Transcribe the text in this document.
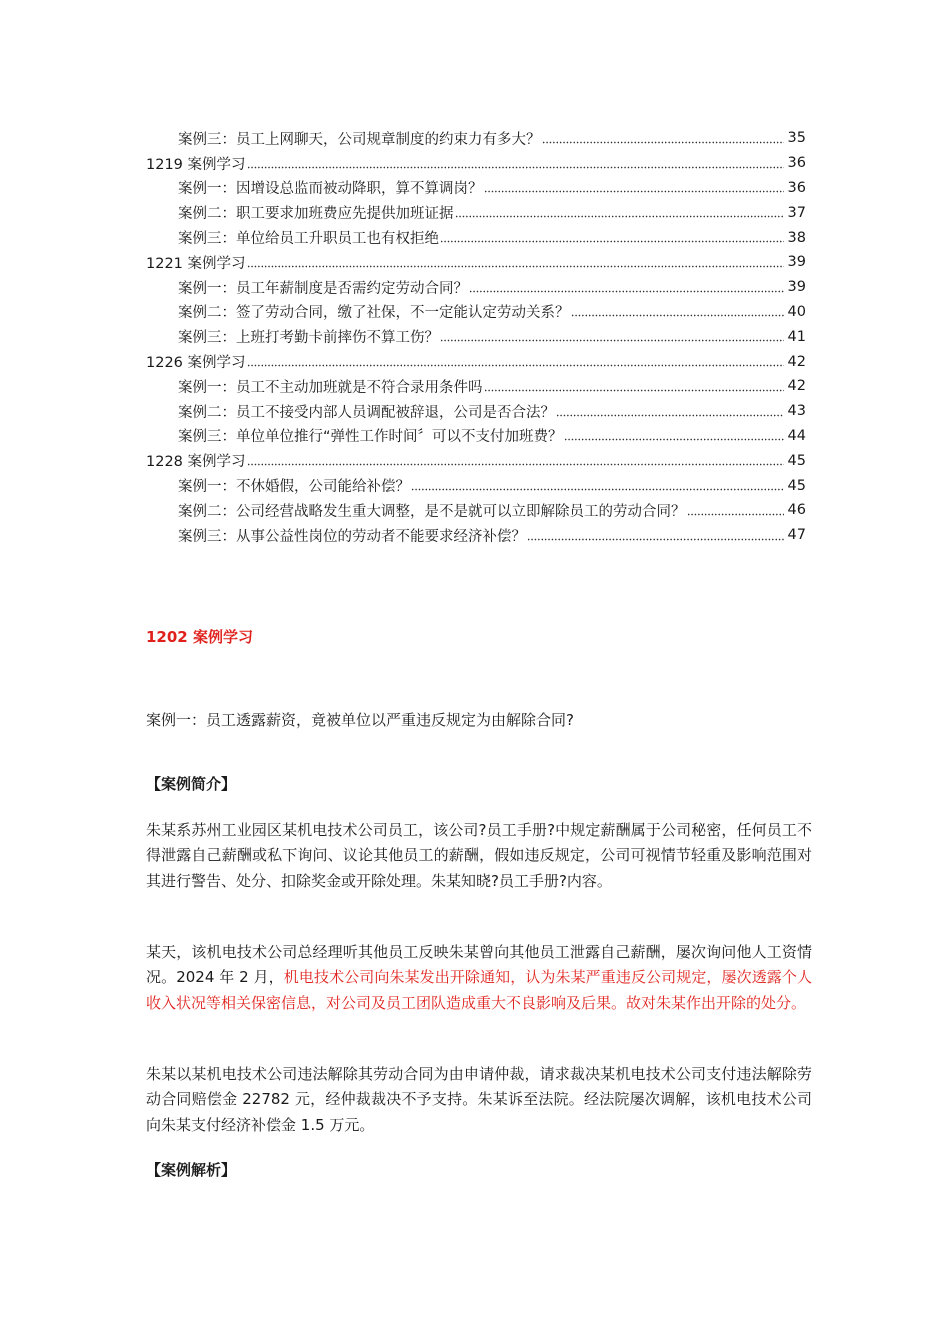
案例三：员工上网聊天，公司规章制度的约束力有多大？	35
1219 案例学习	36
案例一：因增设总监而被动降职，算不算调岗？	36
案例二：职工要求加班费应先提供加班证据	37
案例三：单位给员工升职员工也有权拒绝	38
1221 案例学习	39
案例一：员工年薪制度是否需约定劳动合同？	39
案例二：签了劳动合同，缴了社保，不一定能认定劳动关系？	40
案例三：上班打考勤卡前摔伤不算工伤？	41
1226 案例学习	42
案例一：员工不主动加班就是不符合录用条件吗	42
案例二：员工不接受内部人员调配被辞退，公司是否合法？	43
案例三：单位单位推行“弹性工作时间〞可以不支付加班费？	44
1228 案例学习	45
案例一：不休婚假，公司能给补偿？	45
案例二：公司经营战略发生重大调整，是不是就可以立即解除员工的劳动合同？	46
案例三：从事公益性岗位的劳动者不能要求经济补偿？	47
1202 案例学习
案例一：员工透露薪资，竟被单位以严重违反规定为由解除合同?
【案例简介】
朱某系苏州工业园区某机电技术公司员工，该公司?员工手册?中规定薪酬属于公司秘密，任何员工不得泄露自己薪酬或私下询问、议论其他员工的薪酬，假如违反规定，公司可视情节轻重及影响范围对其进行警告、处分、扣除奖金或开除处理。朱某知晓?员工手册?内容。
某天，该机电技术公司总经理听其他员工反映朱某曾向其他员工泄露自己薪酬，屡次询问他人工资情况。2024 年 2 月，机电技术公司向朱某发出开除通知，认为朱某严重违反公司规定，屡次透露个人收入状况等相关保密信息，对公司及员工团队造成重大不良影响及后果。故对朱某作出开除的处分。
朱某以某机电技术公司违法解除其劳动合同为由申请仲裁，请求裁决某机电技术公司支付违法解除劳动合同赔偿金 22782 元，经仲裁裁决不予支持。朱某诉至法院。经法院屡次调解，该机电技术公司向朱某支付经济补偿金 1.5 万元。
【案例解析】
